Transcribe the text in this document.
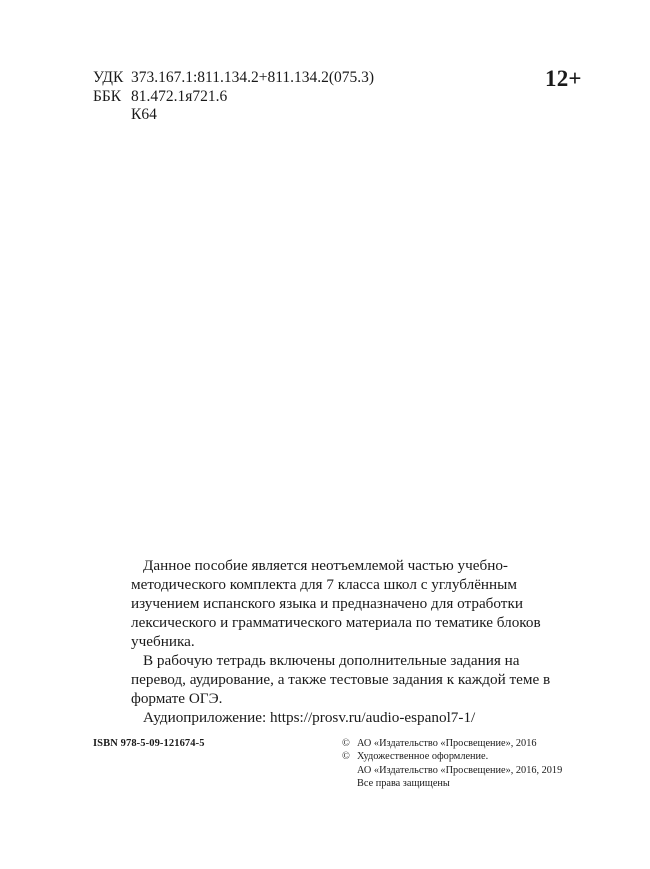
УДК 373.167.1:811.134.2+811.134.2(075.3)
ББК 81.472.1я721.6
К64
12+

Данное пособие является неотъемлемой частью учебно-методического комплекта для 7 класса школ с углублённым изучением испанского языка и предназначено для отработки лексического и грамматического материала по тематике блоков учебника.

В рабочую тетрадь включены дополнительные задания на перевод, аудирование, а также тестовые задания к каждой теме в формате ОГЭ.

Аудиоприложение: https://prosv.ru/audio-espanol7-1/

ISBN 978-5-09-121674-5	© АО «Издательство «Просвещение», 2016
© Художественное оформление.
АО «Издательство «Просвещение», 2016, 2019
Все права защищены
